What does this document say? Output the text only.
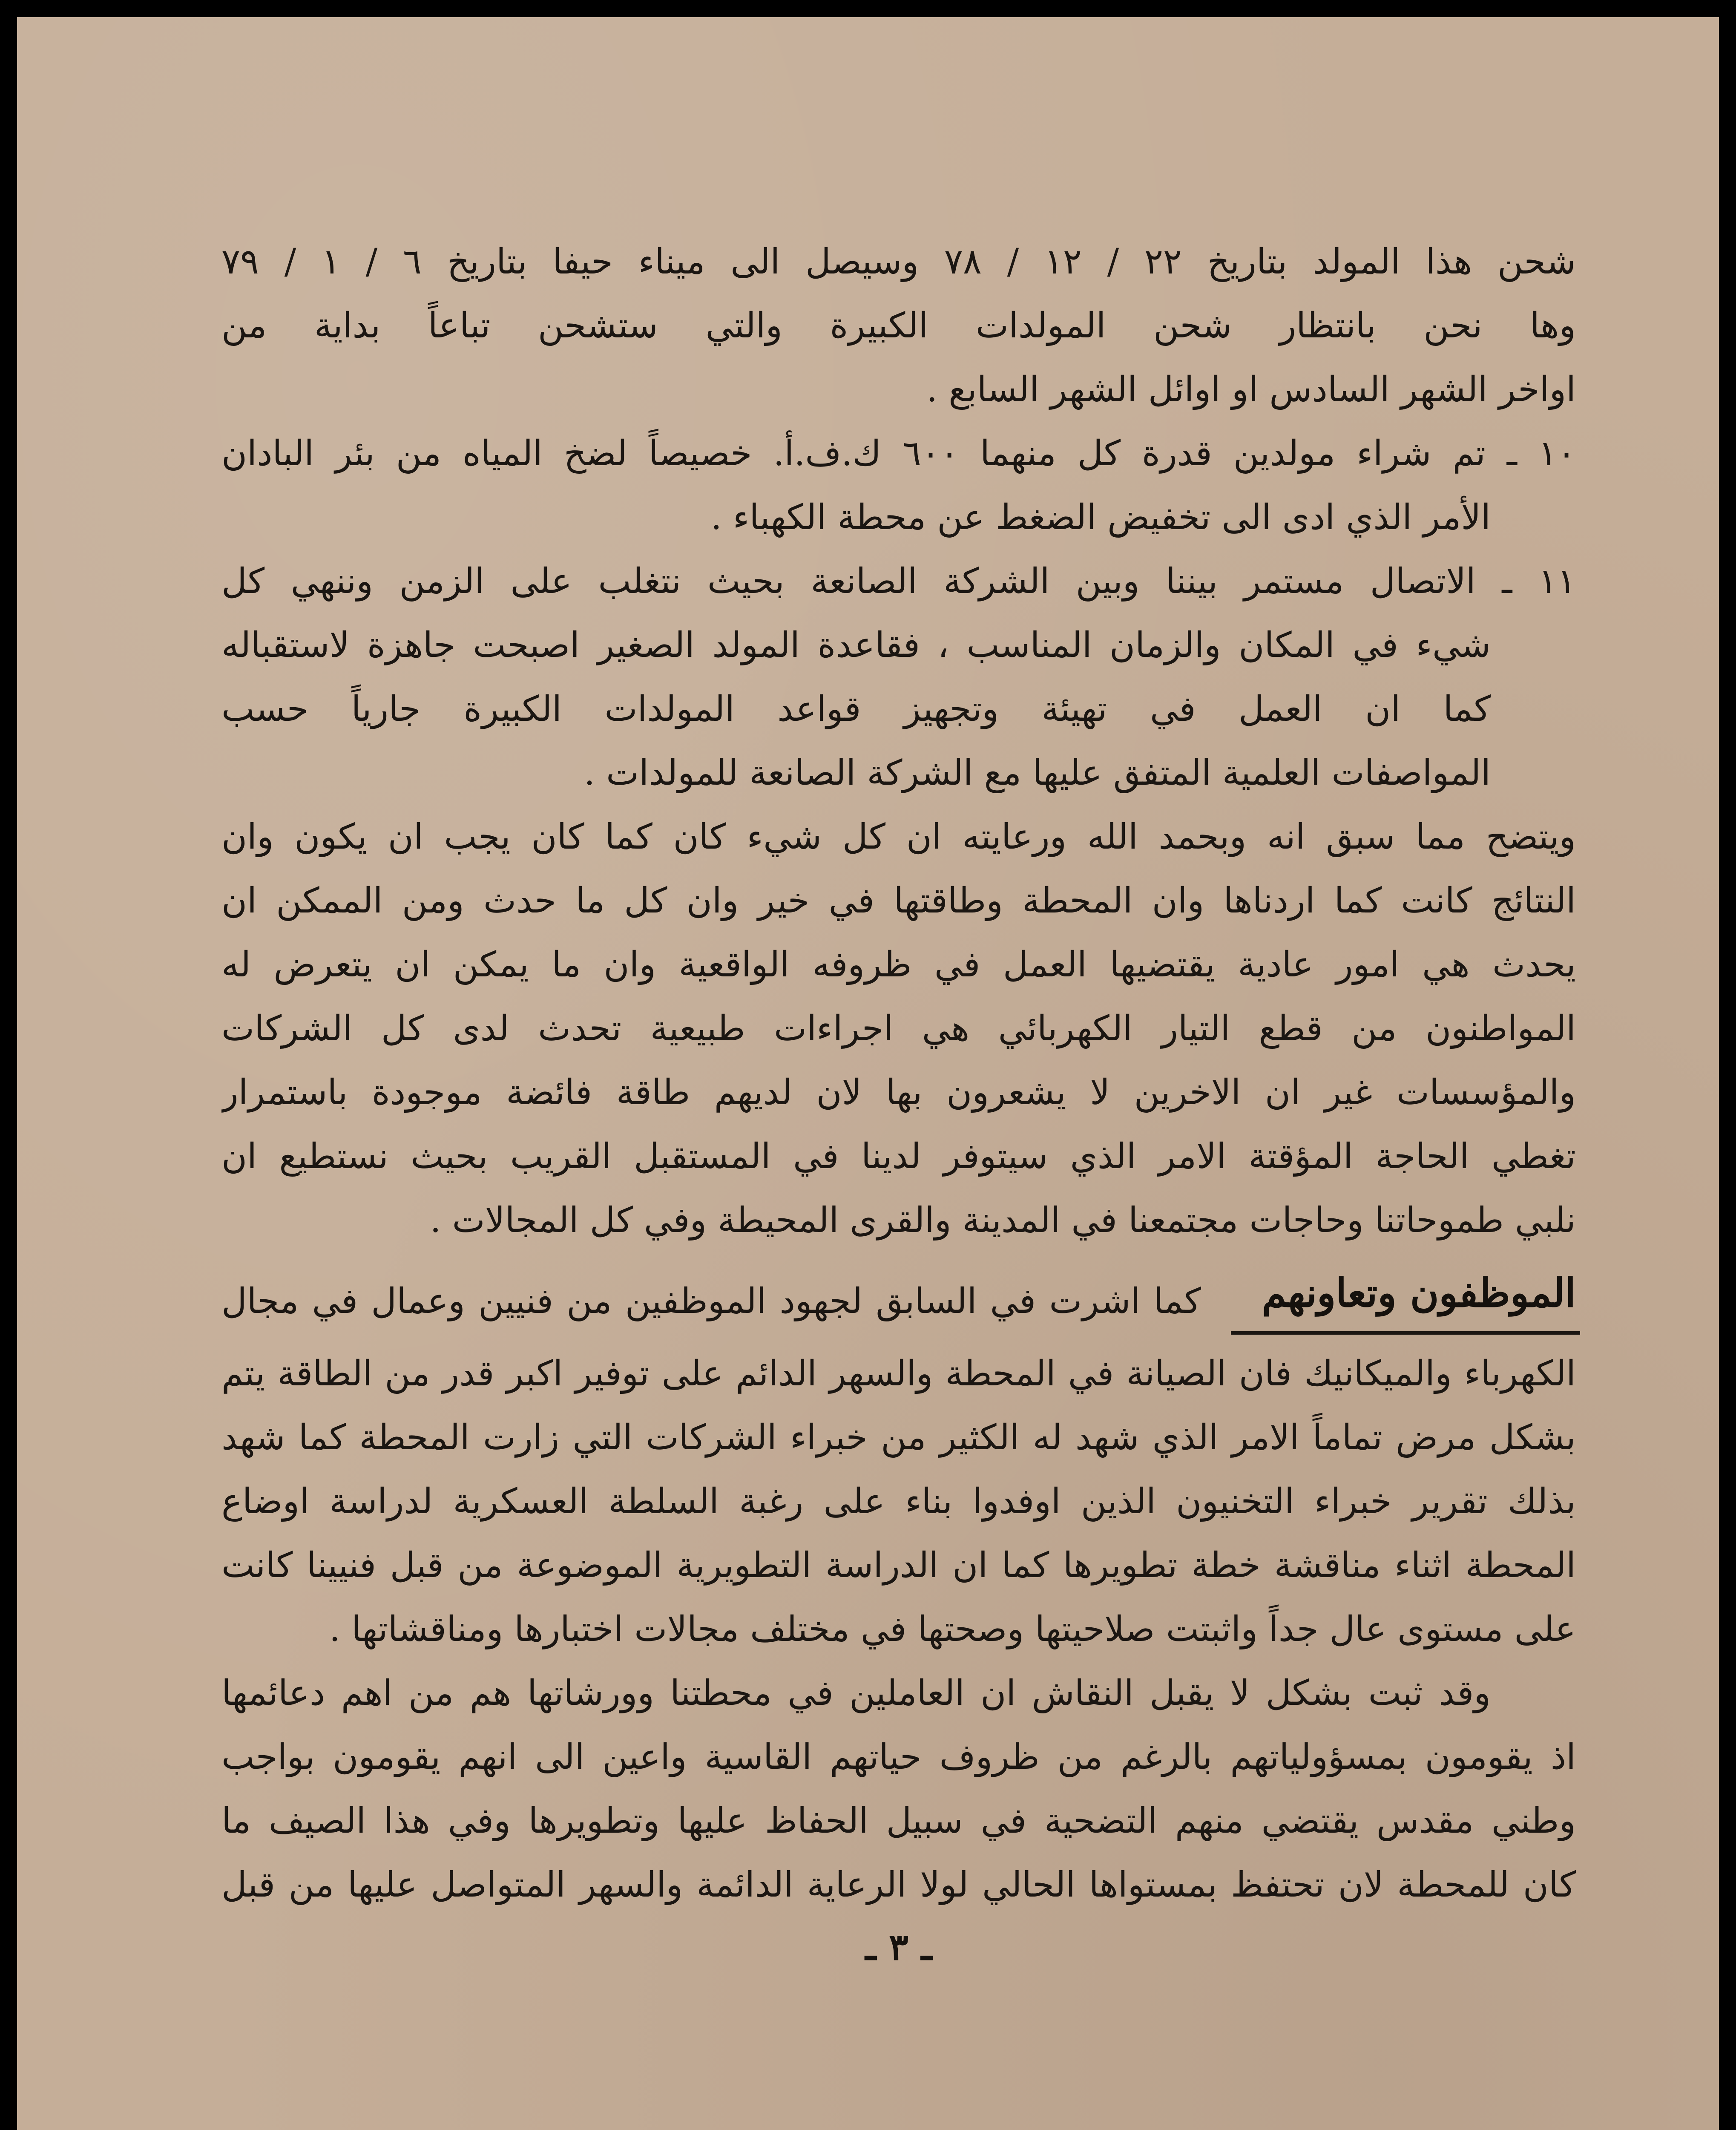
شحن هذا المولد بتاريخ ٢٢ / ١٢ / ٧٨ وسيصل الى ميناء حيفا بتاريخ ٦ / ١ / ٧٩
وها نحن بانتظار شحن المولدات الكبيرة والتي ستشحن تباعاً بداية من
اواخر الشهر السادس او اوائل الشهر السابع .
١٠ ـ تم شراء مولدين قدرة كل منهما ٦٠٠ ك.ف.أ. خصيصاً لضخ المياه من بئر البادان
الأمر الذي ادى الى تخفيض الضغط عن محطة الكهباء .
١١ ـ الاتصال مستمر بيننا وبين الشركة الصانعة بحيث نتغلب على الزمن وننهي كل
شيء في المكان والزمان المناسب ، فقاعدة المولد الصغير اصبحت جاهزة لاستقباله
كما ان العمل في تهيئة وتجهيز قواعد المولدات الكبيرة جارياً حسب
المواصفات العلمية المتفق عليها مع الشركة الصانعة للمولدات .
ويتضح مما سبق انه وبحمد الله ورعايته ان كل شيء كان كما كان يجب ان يكون وان
النتائج كانت كما اردناها وان المحطة وطاقتها في خير وان كل ما حدث ومن الممكن ان
يحدث هي امور عادية يقتضيها العمل في ظروفه الواقعية وان ما يمكن ان يتعرض له
المواطنون من قطع التيار الكهربائي هي اجراءات طبيعية تحدث لدى كل الشركات
والمؤسسات غير ان الاخرين لا يشعرون بها لان لديهم طاقة فائضة موجودة باستمرار
تغطي الحاجة المؤقتة الامر الذي سيتوفر لدينا في المستقبل القريب بحيث نستطيع ان
نلبي طموحاتنا وحاجات مجتمعنا في المدينة والقرى المحيطة وفي كل المجالات .
الموظفون وتعاونهم
كما اشرت في السابق لجهود الموظفين من فنيين وعمال في مجال
الكهرباء والميكانيك فان الصيانة في المحطة والسهر الدائم على توفير اكبر قدر من الطاقة يتم
بشكل مرض تماماً الامر الذي شهد له الكثير من خبراء الشركات التي زارت المحطة كما شهد
بذلك تقرير خبراء التخنيون الذين اوفدوا بناء على رغبة السلطة العسكرية لدراسة اوضاع
المحطة اثناء مناقشة خطة تطويرها كما ان الدراسة التطويرية الموضوعة من قبل فنيينا كانت
على مستوى عال جداً واثبتت صلاحيتها وصحتها في مختلف مجالات اختبارها ومناقشاتها .
وقد ثبت بشكل لا يقبل النقاش ان العاملين في محطتنا وورشاتها هم من اهم دعائمها
اذ يقومون بمسؤولياتهم بالرغم من ظروف حياتهم القاسية واعين الى انهم يقومون بواجب
وطني مقدس يقتضي منهم التضحية في سبيل الحفاظ عليها وتطويرها وفي هذا الصيف ما
كان للمحطة لان تحتفظ بمستواها الحالي لولا الرعاية الدائمة والسهر المتواصل عليها من قبل
ـ ٣ ـ
